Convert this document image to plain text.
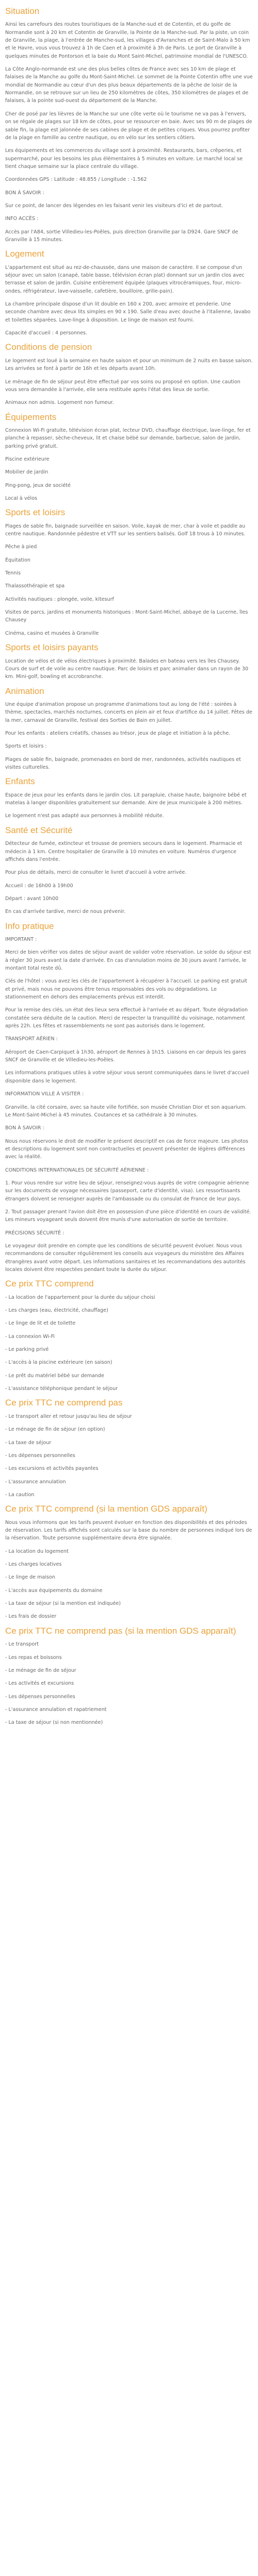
Situation

Ainsi les carrefours des routes touristiques de la Manche-sud et de Cotentin, et du golfe de Normandie sont à 20 km et Cotentin de Granville, la Pointe de la Manche-sud. Par la piste, un coin de Granville, la plage, à l'entrée de Manche-sud, les villages d'Avranches et de Saint-Malo à 50 km et le Havre, vous vous trouvez à 1h de Caen et à proximité à 3h de Paris. Le port de Granville à quelques minutes de Pontorson et la baie du Mont Saint-Michel, patrimoine mondial de l'UNESCO.

La Côte Anglo-normande est une des plus belles côtes de France avec ses 10 km de plage et falaises de la Manche au golfe du Mont-Saint-Michel. Le sommet de la Pointe Cotentin offre une vue mondial de Normandie au cœur d'un des plus beaux départements de la pêche de loisir de la Normandie, on se retrouve sur un lieu de 250 kilomètres de côtes, 350 kilomètres de plages et de falaises, à la pointe sud-ouest du département de la Manche.

Cher de posé par les lièvres de la Manche sur une côte verte où le tourisme ne va pas à l'envers, on se régale de plages sur 18 km de côtes, pour se ressourcer en baie. Avec ses 90 m de plages de sable fin, la plage est jalonnée de ses cabines de plage et de petites criques. Vous pourrez profiter de la plage en famille au centre nautique, ou en vélo sur les sentiers côtiers.

Les équipements et les commerces du village sont à proximité. Restaurants, bars, crêperies, et supermarché, pour les besoins les plus élémentaires à 5 minutes en voiture. Le marché local se tient chaque semaine sur la place centrale du village.

Coordonnées GPS : Latitude : 48.855 / Longitude : -1.562

BON À SAVOIR :

Sur ce point, de lancer des légendes en les faisant venir les visiteurs d'ici et de partout.

INFO ACCÈS :

Accès par l'A84, sortie Villedieu-les-Poêles, puis direction Granville par la D924. Gare SNCF de Granville à 15 minutes.

Logement

L'appartement est situé au rez-de-chaussée, dans une maison de caractère. Il se compose d'un séjour avec un salon (canapé, table basse, télévision écran plat) donnant sur un jardin clos avec terrasse et salon de jardin. Cuisine entièrement équipée (plaques vitrocéramiques, four, micro-ondes, réfrigérateur, lave-vaisselle, cafetière, bouilloire, grille-pain).

La chambre principale dispose d'un lit double en 160 x 200, avec armoire et penderie. Une seconde chambre avec deux lits simples en 90 x 190. Salle d'eau avec douche à l'italienne, lavabo et toilettes séparées. Lave-linge à disposition. Le linge de maison est fourni.

Capacité d'accueil : 4 personnes.

Conditions de pension

Le logement est loué à la semaine en haute saison et pour un minimum de 2 nuits en basse saison. Les arrivées se font à partir de 16h et les départs avant 10h.

Le ménage de fin de séjour peut être effectué par vos soins ou proposé en option. Une caution vous sera demandée à l'arrivée, elle sera restituée après l'état des lieux de sortie.

Animaux non admis. Logement non fumeur.

Équipements

Connexion Wi-Fi gratuite, télévision écran plat, lecteur DVD, chauffage électrique, lave-linge, fer et planche à repasser, sèche-cheveux, lit et chaise bébé sur demande, barbecue, salon de jardin, parking privé gratuit.

Piscine extérieure

Mobilier de jardin

Ping-pong, jeux de société

Local à vélos

Sports et loisirs

Plages de sable fin, baignade surveillée en saison. Voile, kayak de mer, char à voile et paddle au centre nautique. Randonnée pédestre et VTT sur les sentiers balisés. Golf 18 trous à 10 minutes.

Pêche à pied

Équitation

Tennis

Thalassothérapie et spa

Activités nautiques : plongée, voile, kitesurf

Visites de parcs, jardins et monuments historiques : Mont-Saint-Michel, abbaye de la Lucerne, îles Chausey

Cinéma, casino et musées à Granville

Sports et loisirs payants

Location de vélos et de vélos électriques à proximité. Balades en bateau vers les îles Chausey. Cours de surf et de voile au centre nautique. Parc de loisirs et parc animalier dans un rayon de 30 km. Mini-golf, bowling et accrobranche.

Animation

Une équipe d'animation propose un programme d'animations tout au long de l'été : soirées à thème, spectacles, marchés nocturnes, concerts en plein air et feux d'artifice du 14 juillet. Fêtes de la mer, carnaval de Granville, festival des Sorties de Bain en juillet.

Pour les enfants : ateliers créatifs, chasses au trésor, jeux de plage et initiation à la pêche.

Sports et loisirs :

Plages de sable fin, baignade, promenades en bord de mer, randonnées, activités nautiques et visites culturelles.

Enfants

Espace de jeux pour les enfants dans le jardin clos. Lit parapluie, chaise haute, baignoire bébé et matelas à langer disponibles gratuitement sur demande. Aire de jeux municipale à 200 mètres.

Le logement n'est pas adapté aux personnes à mobilité réduite.

Santé et Sécurité

Détecteur de fumée, extincteur et trousse de premiers secours dans le logement. Pharmacie et médecin à 1 km. Centre hospitalier de Granville à 10 minutes en voiture. Numéros d'urgence affichés dans l'entrée.

Pour plus de détails, merci de consulter le livret d'accueil à votre arrivée.

Accueil : de 16h00 à 19h00

Départ : avant 10h00

En cas d'arrivée tardive, merci de nous prévenir.

Info pratique

IMPORTANT :

Merci de bien vérifier vos dates de séjour avant de valider votre réservation. Le solde du séjour est à régler 30 jours avant la date d'arrivée. En cas d'annulation moins de 30 jours avant l'arrivée, le montant total reste dû.

Clés de l'hôtel : vous avez les clés de l'appartement à récupérer à l'accueil. Le parking est gratuit et privé, mais nous ne pouvons être tenus responsables des vols ou dégradations. Le stationnement en dehors des emplacements prévus est interdit.

Pour la remise des clés, un état des lieux sera effectué à l'arrivée et au départ. Toute dégradation constatée sera déduite de la caution. Merci de respecter la tranquillité du voisinage, notamment après 22h. Les fêtes et rassemblements ne sont pas autorisés dans le logement.

TRANSPORT AÉRIEN :

Aéroport de Caen-Carpiquet à 1h30, aéroport de Rennes à 1h15. Liaisons en car depuis les gares SNCF de Granville et de Villedieu-les-Poêles.

Les informations pratiques utiles à votre séjour vous seront communiquées dans le livret d'accueil disponible dans le logement.

INFORMATION VILLE À VISITER :

Granville, la cité corsaire, avec sa haute ville fortifiée, son musée Christian Dior et son aquarium. Le Mont-Saint-Michel à 45 minutes. Coutances et sa cathédrale à 30 minutes.

BON À SAVOIR :

Nous nous réservons le droit de modifier le présent descriptif en cas de force majeure. Les photos et descriptions du logement sont non contractuelles et peuvent présenter de légères différences avec la réalité.

CONDITIONS INTERNATIONALES DE SÉCURITÉ AÉRIENNE :

1. Pour vous rendre sur votre lieu de séjour, renseignez-vous auprès de votre compagnie aérienne sur les documents de voyage nécessaires (passeport, carte d'identité, visa). Les ressortissants étrangers doivent se renseigner auprès de l'ambassade ou du consulat de France de leur pays.

2. Tout passager prenant l'avion doit être en possession d'une pièce d'identité en cours de validité. Les mineurs voyageant seuls doivent être munis d'une autorisation de sortie de territoire.

PRÉCISIONS SÉCURITÉ :

Le voyageur doit prendre en compte que les conditions de sécurité peuvent évoluer. Nous vous recommandons de consulter régulièrement les conseils aux voyageurs du ministère des Affaires étrangères avant votre départ. Les informations sanitaires et les recommandations des autorités locales doivent être respectées pendant toute la durée du séjour.

Ce prix TTC comprend

- La location de l'appartement pour la durée du séjour choisi

- Les charges (eau, électricité, chauffage)

- Le linge de lit et de toilette

- La connexion Wi-Fi

- Le parking privé

- L'accès à la piscine extérieure (en saison)

- Le prêt du matériel bébé sur demande

- L'assistance téléphonique pendant le séjour

Ce prix TTC ne comprend pas

- Le transport aller et retour jusqu'au lieu de séjour

- Le ménage de fin de séjour (en option)

- La taxe de séjour

- Les dépenses personnelles

- Les excursions et activités payantes

- L'assurance annulation

- La caution

Ce prix TTC comprend (si la mention GDS apparaît)

Nous vous informons que les tarifs peuvent évoluer en fonction des disponibilités et des périodes de réservation. Les tarifs affichés sont calculés sur la base du nombre de personnes indiqué lors de la réservation. Toute personne supplémentaire devra être signalée.

- La location du logement

- Les charges locatives

- Le linge de maison

- L'accès aux équipements du domaine

- La taxe de séjour (si la mention est indiquée)

- Les frais de dossier

Ce prix TTC ne comprend pas (si la mention GDS apparaît)

- Le transport

- Les repas et boissons

- Le ménage de fin de séjour

- Les activités et excursions

- Les dépenses personnelles

- L'assurance annulation et rapatriement

- La taxe de séjour (si non mentionnée)
